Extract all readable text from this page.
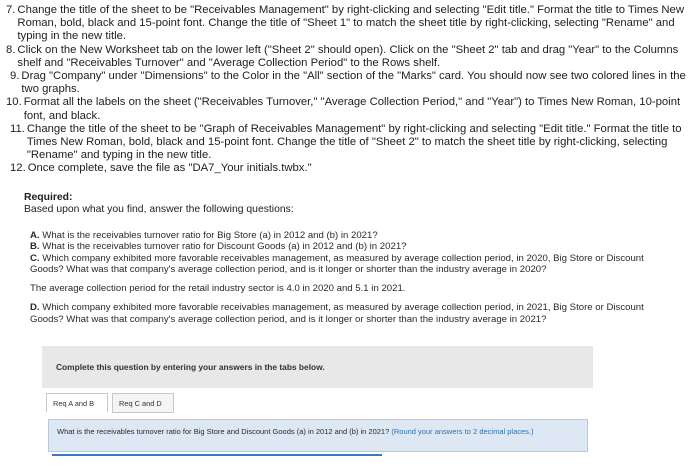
7. Change the title of the sheet to be "Receivables Management" by right-clicking and selecting "Edit title." Format the title to Times New Roman, bold, black and 15-point font. Change the title of "Sheet 1" to match the sheet title by right-clicking, selecting "Rename" and typing in the new title.
8. Click on the New Worksheet tab on the lower left ("Sheet 2" should open). Click on the "Sheet 2" tab and drag "Year" to the Columns shelf and "Receivables Turnover" and "Average Collection Period" to the Rows shelf.
9. Drag "Company" under "Dimensions" to the Color in the "All" section of the "Marks" card. You should now see two colored lines in the two graphs.
10. Format all the labels on the sheet ("Receivables Turnover," "Average Collection Period," and "Year") to Times New Roman, 10-point font, and black.
11. Change the title of the sheet to be "Graph of Receivables Management" by right-clicking and selecting "Edit title." Format the title to Times New Roman, bold, black and 15-point font. Change the title of "Sheet 2" to match the sheet title by right-clicking, selecting "Rename" and typing in the new title.
12. Once complete, save the file as "DA7_Your initials.twbx."
Required:
Based upon what you find, answer the following questions:

A. What is the receivables turnover ratio for Big Store (a) in 2012 and (b) in 2021?

B. What is the receivables turnover ratio for Discount Goods (a) in 2012 and (b) in 2021?

C. Which company exhibited more favorable receivables management, as measured by average collection period, in 2020, Big Store or Discount Goods? What was that company's average collection period, and is it longer or shorter than the industry average in 2020?

The average collection period for the retail industry sector is 4.0 in 2020 and 5.1 in 2021.

D. Which company exhibited more favorable receivables management, as measured by average collection period, in 2021, Big Store or Discount Goods? What was that company's average collection period, and is it longer or shorter than the industry average in 2021?

Complete this question by entering your answers in the tabs below.
Req A and B	Req C and D
What is the receivables turnover ratio for Big Store and Discount Goods (a) in 2012 and (b) in 2021? (Round your answers to 2 decimal places.)
